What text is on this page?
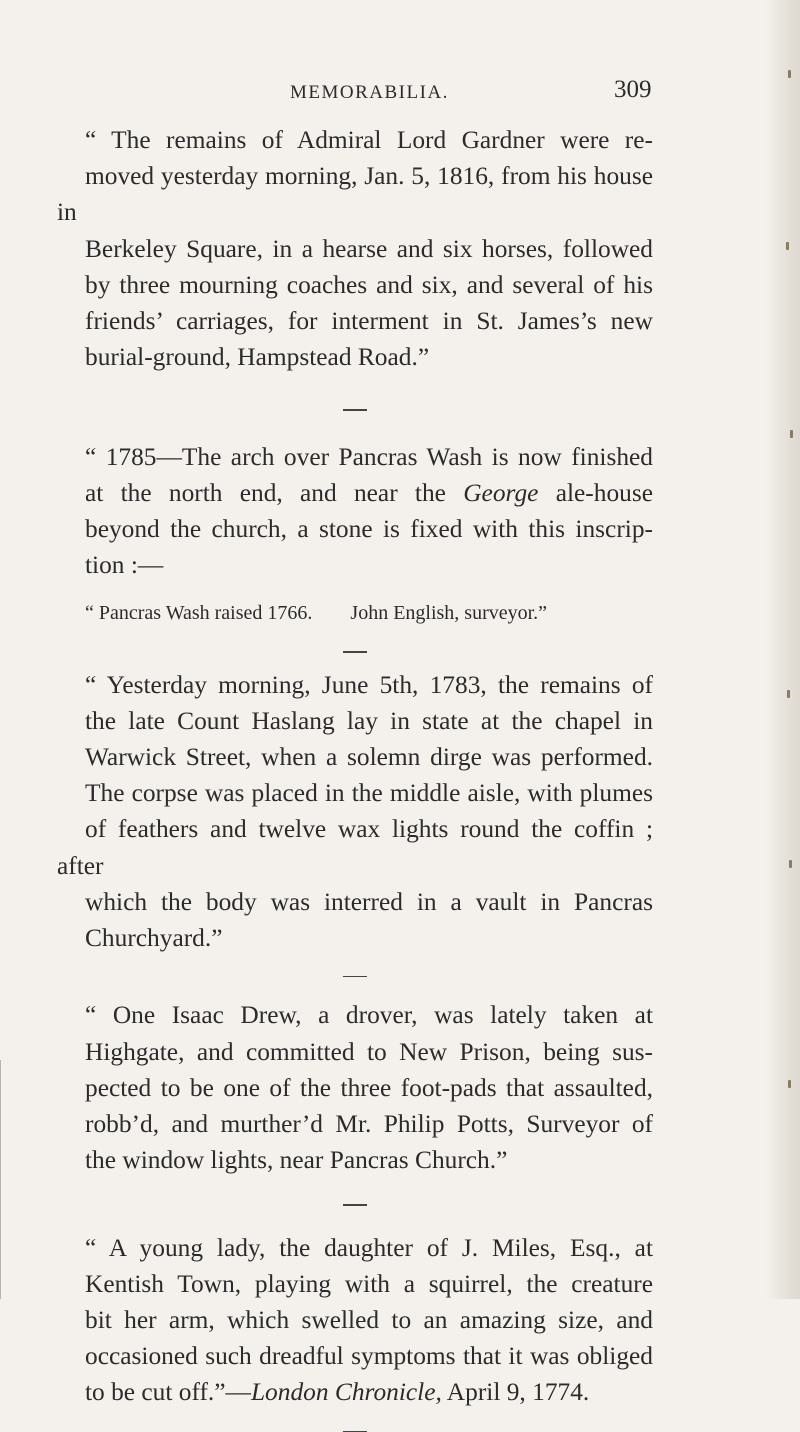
MEMORABILIA.	309

“ The remains of Admiral Lord Gardner were re-
moved yesterday morning, Jan. 5, 1816, from his house in
Berkeley Square, in a hearse and six horses, followed
by three mourning coaches and six, and several of his
friends’ carriages, for interment in St. James’s new
burial-ground, Hampstead Road.”

“ 1785—The arch over Pancras Wash is now finished
at the north end, and near the George ale-house
beyond the church, a stone is fixed with this inscrip-
tion :—

“ Pancras Wash raised 1766. John English, surveyor.”

“ Yesterday morning, June 5th, 1783, the remains of
the late Count Haslang lay in state at the chapel in
Warwick Street, when a solemn dirge was performed.
The corpse was placed in the middle aisle, with plumes
of feathers and twelve wax lights round the coffin ; after
which the body was interred in a vault in Pancras
Churchyard.”

“ One Isaac Drew, a drover, was lately taken at
Highgate, and committed to New Prison, being sus-
pected to be one of the three foot-pads that assaulted,
robb’d, and murther’d Mr. Philip Potts, Surveyor of
the window lights, near Pancras Church.”

“ A young lady, the daughter of J. Miles, Esq., at
Kentish Town, playing with a squirrel, the creature
bit her arm, which swelled to an amazing size, and
occasioned such dreadful symptoms that it was obliged
to be cut off.”—London Chronicle, April 9, 1774.
